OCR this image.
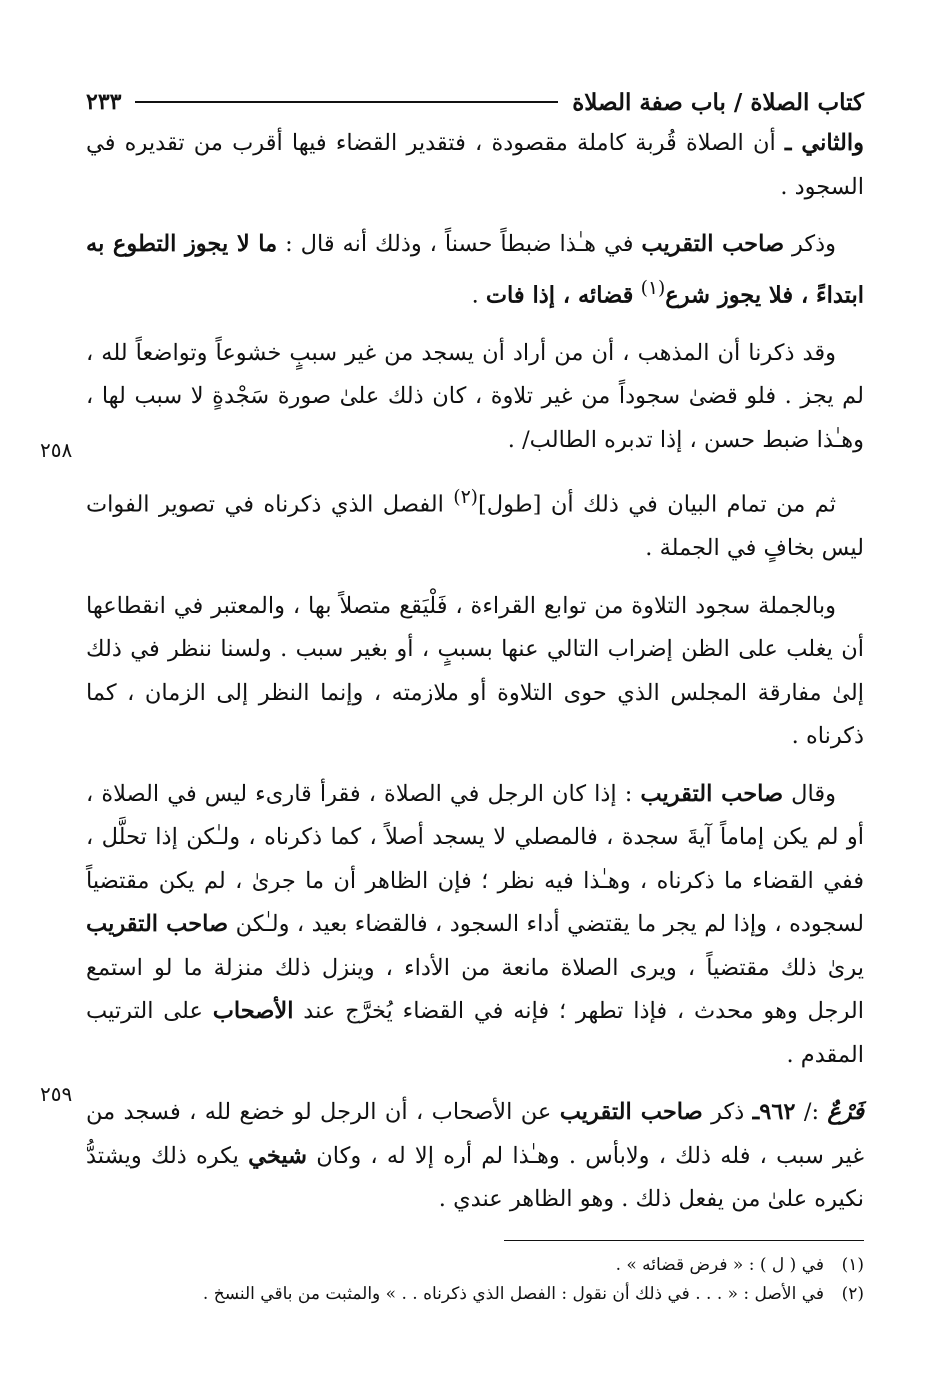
كتاب الصلاة / باب صفة الصلاة
٢٣٣

والثاني ـ أن الصلاة قُربة كاملة مقصودة ، فتقدير القضاء فيها أقرب من تقديره في السجود .

وذكر صاحب التقريب في هـٰذا ضبطاً حسناً ، وذلك أنه قال : ما لا يجوز التطوع به ابتداءً ، فلا يجوز شرع$^{(١)}$ قضائه ، إذا فات .

وقد ذكرنا أن المذهب ، أن من أراد أن يسجد من غير سببٍ خشوعاً وتواضعاً لله ، لم يجز . فلو قضىٰ سجوداً من غير تلاوة ، كان ذلك علىٰ صورة سَجْدةٍ لا سبب لها ، وهـٰذا ضبط حسن ، إذا تدبره الطالب/ .

ثم من تمام البيان في ذلك أن [طول]$^{(٢)}$ الفصل الذي ذكرناه في تصوير الفوات ليس بخافٍ في الجملة .

وبالجملة سجود التلاوة من توابع القراءة ، فَلْيَقع متصلاً بها ، والمعتبر في انقطاعها أن يغلب على الظن إضراب التالي عنها بسببٍ ، أو بغير سبب . ولسنا ننظر في ذلك إلىٰ مفارقة المجلس الذي حوى التلاوة أو ملازمته ، وإنما النظر إلى الزمان ، كما ذكرناه .

وقال صاحب التقريب : إذا كان الرجل في الصلاة ، فقرأ قارىء ليس في الصلاة ، أو لم يكن إماماً آيةَ سجدة ، فالمصلي لا يسجد أصلاً ، كما ذكرناه ، ولـٰكن إذا تحلَّل ، ففي القضاء ما ذكرناه ، وهـٰذا فيه نظر ؛ فإن الظاهر أن ما جرىٰ ، لم يكن مقتضياً لسجوده ، وإذا لم يجر ما يقتضي أداء السجود ، فالقضاء بعيد ، ولـٰكن صاحب التقريب يرىٰ ذلك مقتضياً ، ويرى الصلاة مانعة من الأداء ، وينزل ذلك منزلة ما لو استمع الرجل وهو محدث ، فإذا تطهر ؛ فإنه في القضاء يُخرَّج عند الأصحاب على الترتيب المقدم .

فَرْعٌ :/ ٩٦٢ـ ذكر صاحب التقريب عن الأصحاب ، أن الرجل لو خضع لله ، فسجد من غير سبب ، فله ذلك ، ولابأس . وهـٰذا لم أره إلا له ، وكان شيخي يكره ذلك ويشتدُّ نكيره علىٰ من يفعل ذلك . وهو الظاهر عندي .

(١)في ( ل ) : « فرض قضائه » .
(٢)في الأصل : « . . . في ذلك أن نقول : الفصل الذي ذكرناه . . » والمثبت من باقي النسخ .
٢٥٨
٢٥٩
